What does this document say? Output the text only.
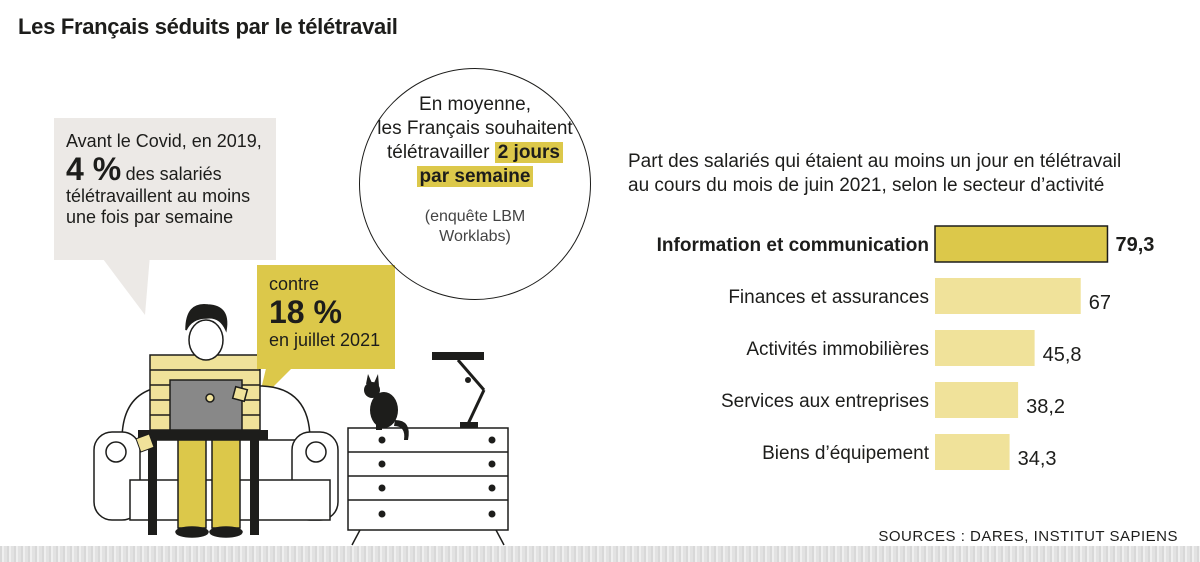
Les Français séduits par le télétravail
Avant le Covid, en 2019,
4 % des salariés
télétravaillent au moins
une fois par semaine
contre
18 %
en juillet 2021
En moyenne,
les Français souhaitent
télétravailler 2 jours
par semaine
(enquête LBM
Worklabs)
Part des salariés qui étaient au moins un jour en télétravail
au cours du mois de juin 2021, selon le secteur d’activité
Information et communication	79,3
Finances et assurances	67
Activités immobilières	45,8
Services aux entreprises	38,2
Biens d’équipement	34,3
SOURCES : DARES, INSTITUT SAPIENS
